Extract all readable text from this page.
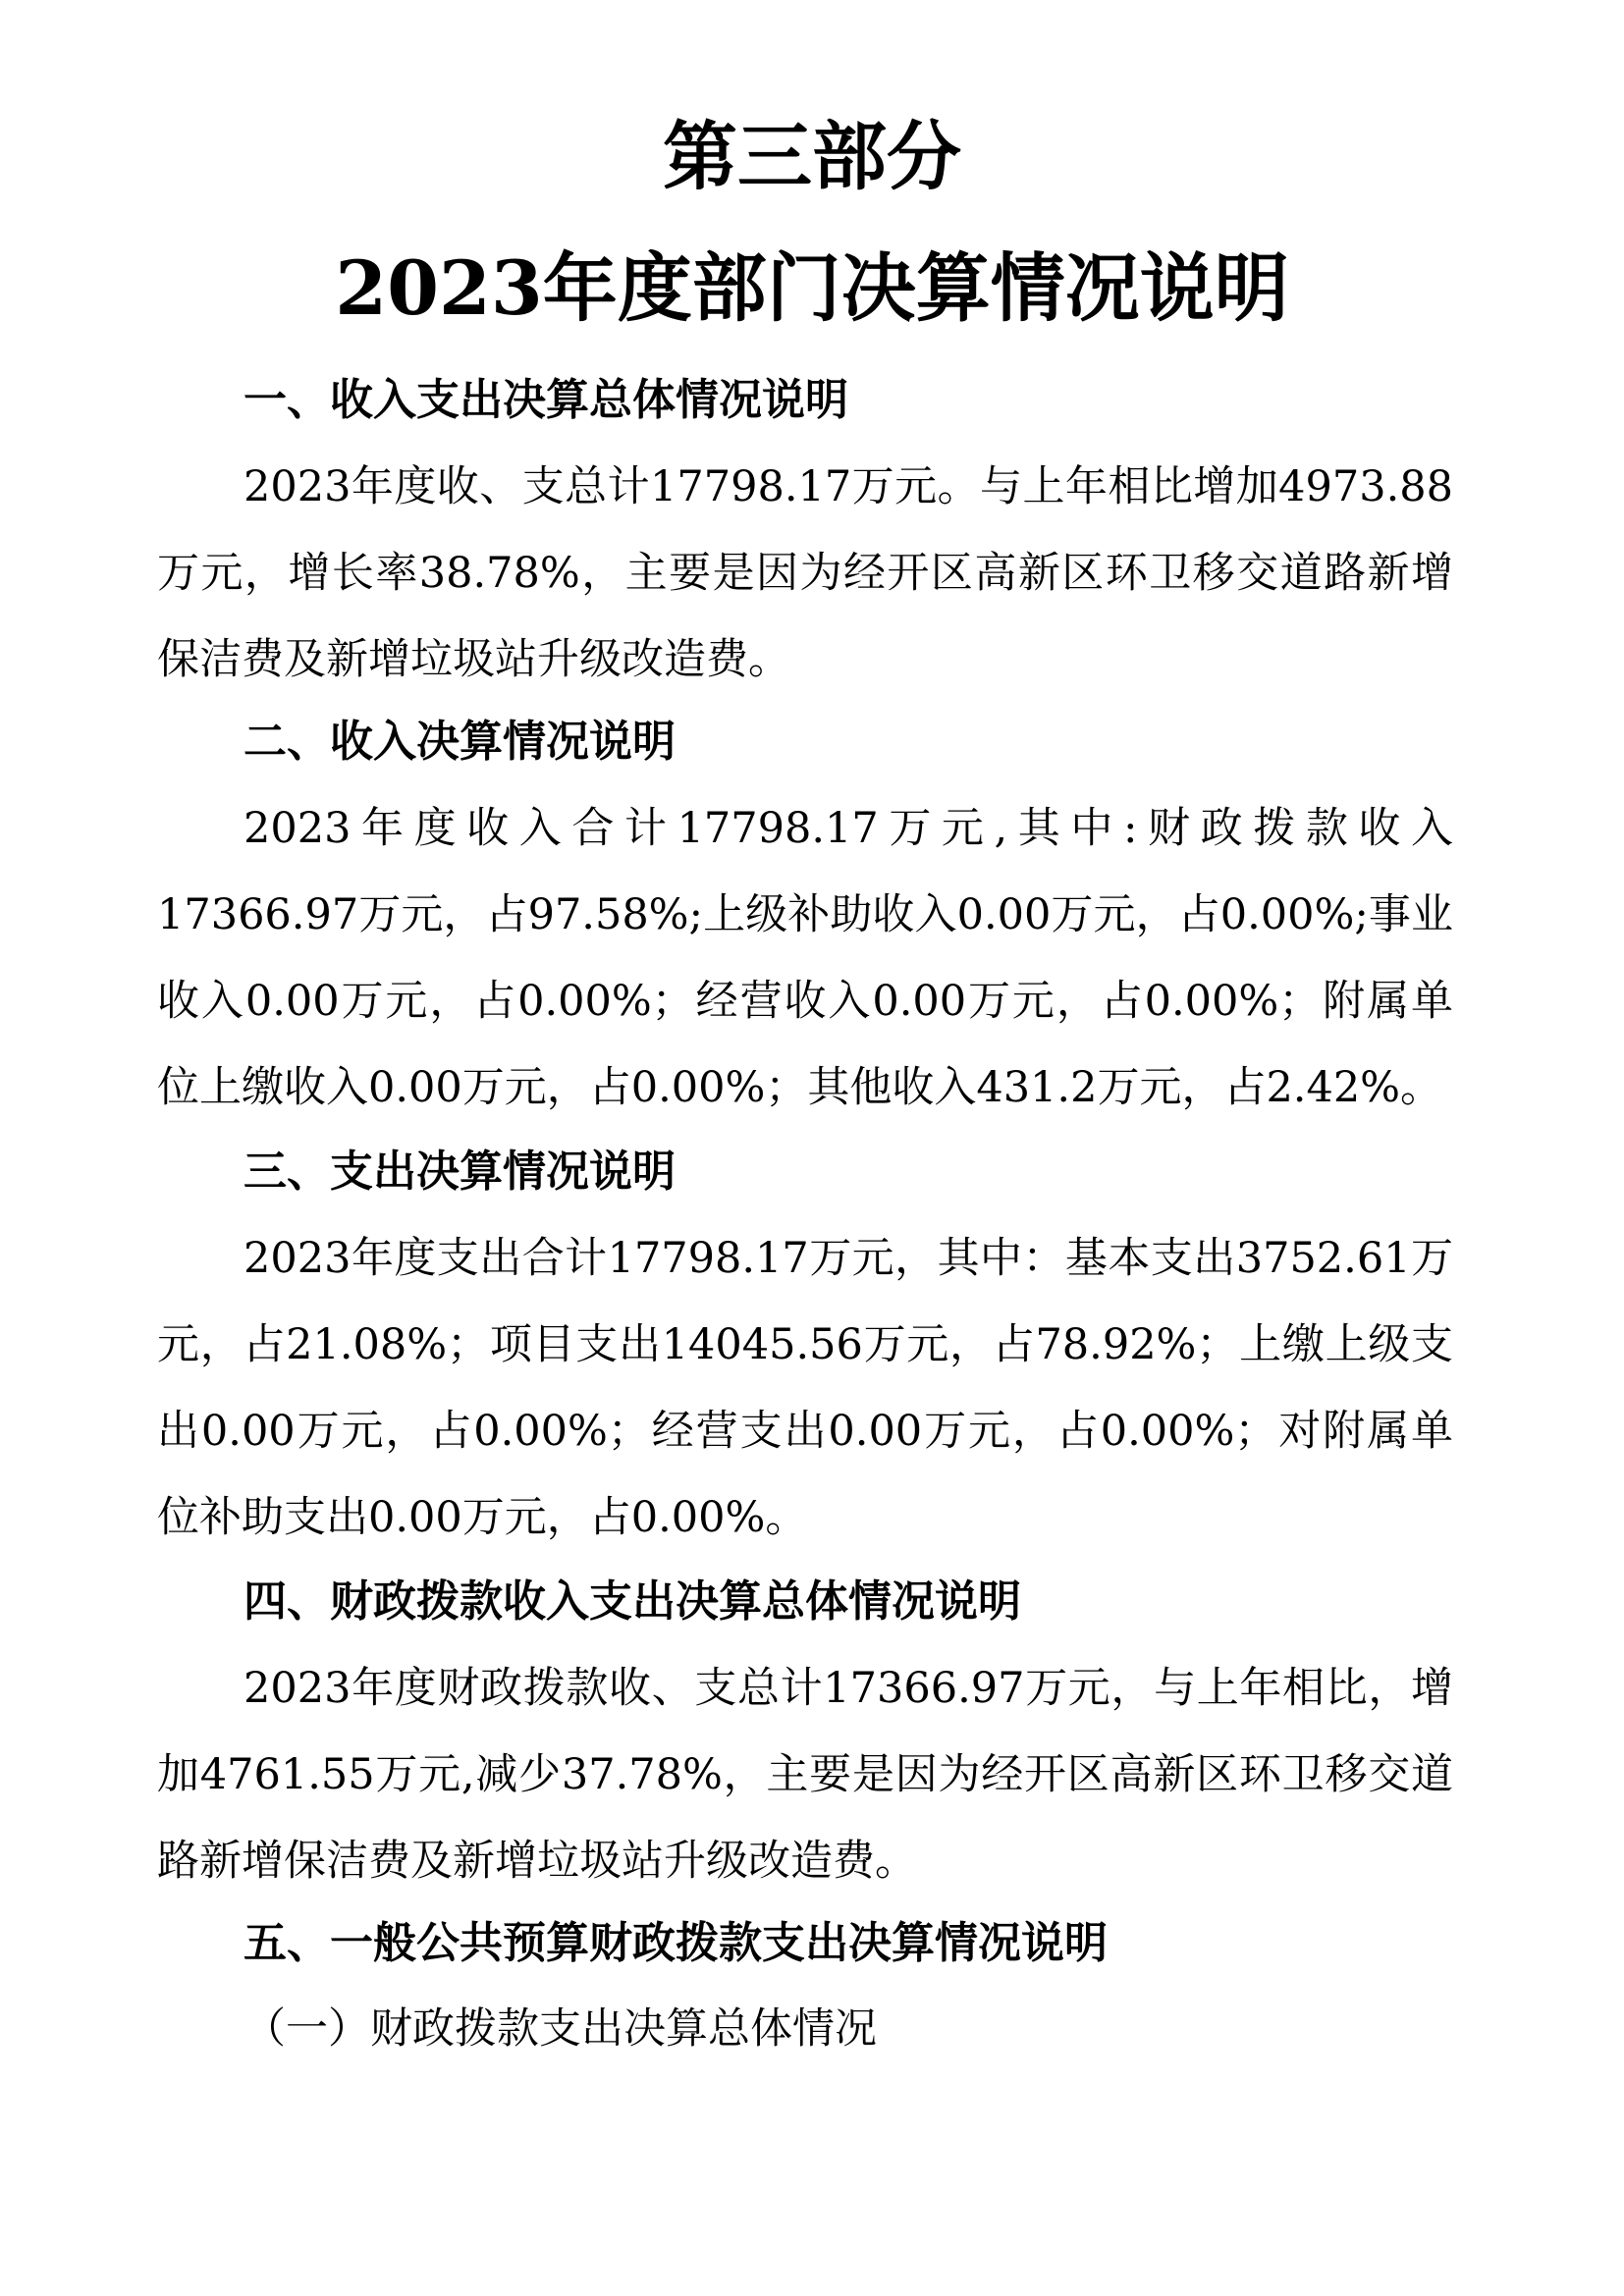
第三部分
2023年度部门决算情况说明
一、收入支出决算总体情况说明

2023年度收、支总计17798.17万元。与上年相比增加4973.88万元，增长率38.78%，主要是因为经开区高新区环卫移交道路新增保洁费及新增垃圾站升级改造费。

二、收入决算情况说明

2023年度收入合计17798.17万元,其中:财政拨款收入17366.97万元，占97.58%;上级补助收入0.00万元，占0.00%;事业收入0.00万元，占0.00%；经营收入0.00万元，占0.00%；附属单位上缴收入0.00万元，占0.00%；其他收入431.2万元，占2.42%。

三、支出决算情况说明

2023年度支出合计17798.17万元，其中：基本支出3752.61万元，占21.08%；项目支出14045.56万元，占78.92%；上缴上级支出0.00万元，占0.00%；经营支出0.00万元，占0.00%；对附属单位补助支出0.00万元，占0.00%。

四、财政拨款收入支出决算总体情况说明

2023年度财政拨款收、支总计17366.97万元，与上年相比，增加4761.55万元,减少37.78%，主要是因为经开区高新区环卫移交道路新增保洁费及新增垃圾站升级改造费。

五、一般公共预算财政拨款支出决算情况说明
（一）财政拨款支出决算总体情况
